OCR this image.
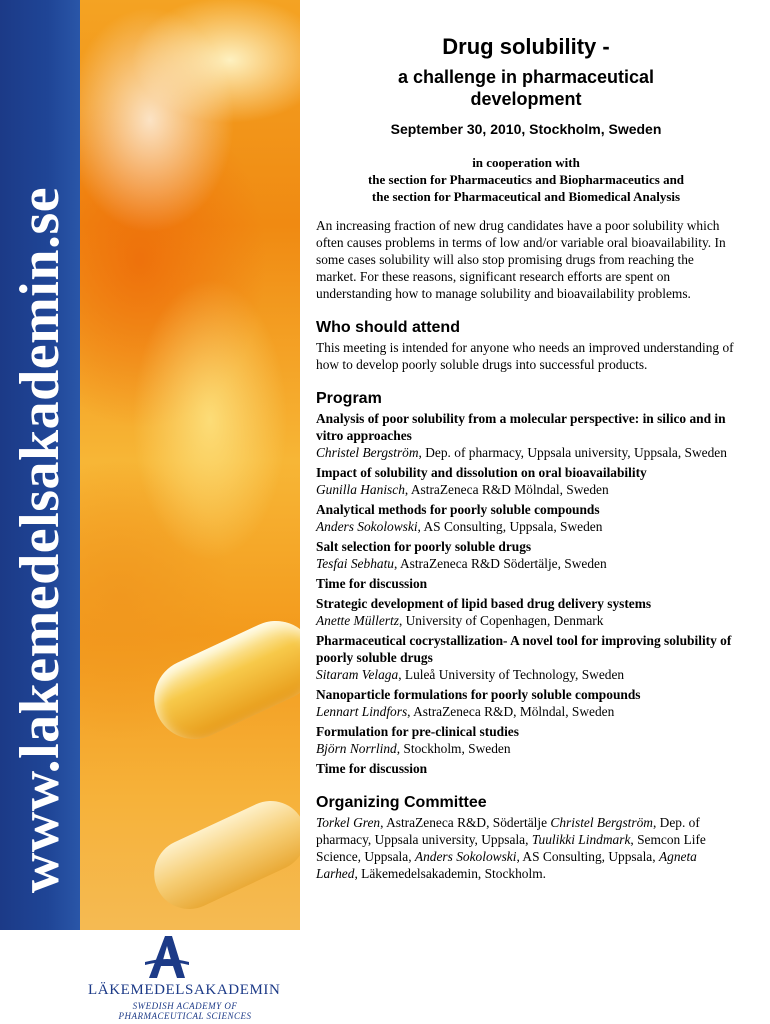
www.lakemedelsakademin.se
LÄKEMEDELSAKADEMIN
SWEDISH ACADEMY OF
PHARMACEUTICAL SCIENCES
Drug solubility -
a challenge in pharmaceutical
development
September 30, 2010, Stockholm, Sweden
in cooperation with
the section for Pharmaceutics and Biopharmaceutics and
the section for Pharmaceutical and Biomedical Analysis

An increasing fraction of new drug candidates have a poor solubility which often causes problems in terms of low and/or variable oral bioavailability. In some cases solubility will also stop promising drugs from reaching the market. For these reasons, significant research efforts are spent on understanding how to manage solubility and bioavailability problems.

Who should attend

This meeting is intended for anyone who needs an improved understanding of how to develop poorly soluble drugs into successful products.

Program
Analysis of poor solubility from a molecular perspective: in silico and in vitro approaches
Christel Bergström, Dep. of pharmacy, Uppsala university, Uppsala, Sweden
Impact of solubility and dissolution on oral bioavailability
Gunilla Hanisch, AstraZeneca R&D Mölndal, Sweden
Analytical methods for poorly soluble compounds
Anders Sokolowski, AS Consulting, Uppsala, Sweden
Salt selection for poorly soluble drugs
Tesfai Sebhatu, AstraZeneca R&D Södertälje, Sweden
Time for discussion
Strategic development of lipid based drug delivery systems
Anette Müllertz, University of Copenhagen, Denmark
Pharmaceutical cocrystallization- A novel tool for improving solubility of poorly soluble drugs
Sitaram Velaga, Luleå University of Technology, Sweden
Nanoparticle formulations for poorly soluble compounds
Lennart Lindfors, AstraZeneca R&D, Mölndal, Sweden
Formulation for pre-clinical studies
Björn Norrlind, Stockholm, Sweden
Time for discussion
Organizing Committee

Torkel Gren, AstraZeneca R&D, Södertälje Christel Bergström, Dep. of pharmacy, Uppsala university, Uppsala, Tuulikki Lindmark, Semcon Life Science, Uppsala, Anders Sokolowski, AS Consulting, Uppsala, Agneta Larhed, Läkemedelsakademin, Stockholm.
